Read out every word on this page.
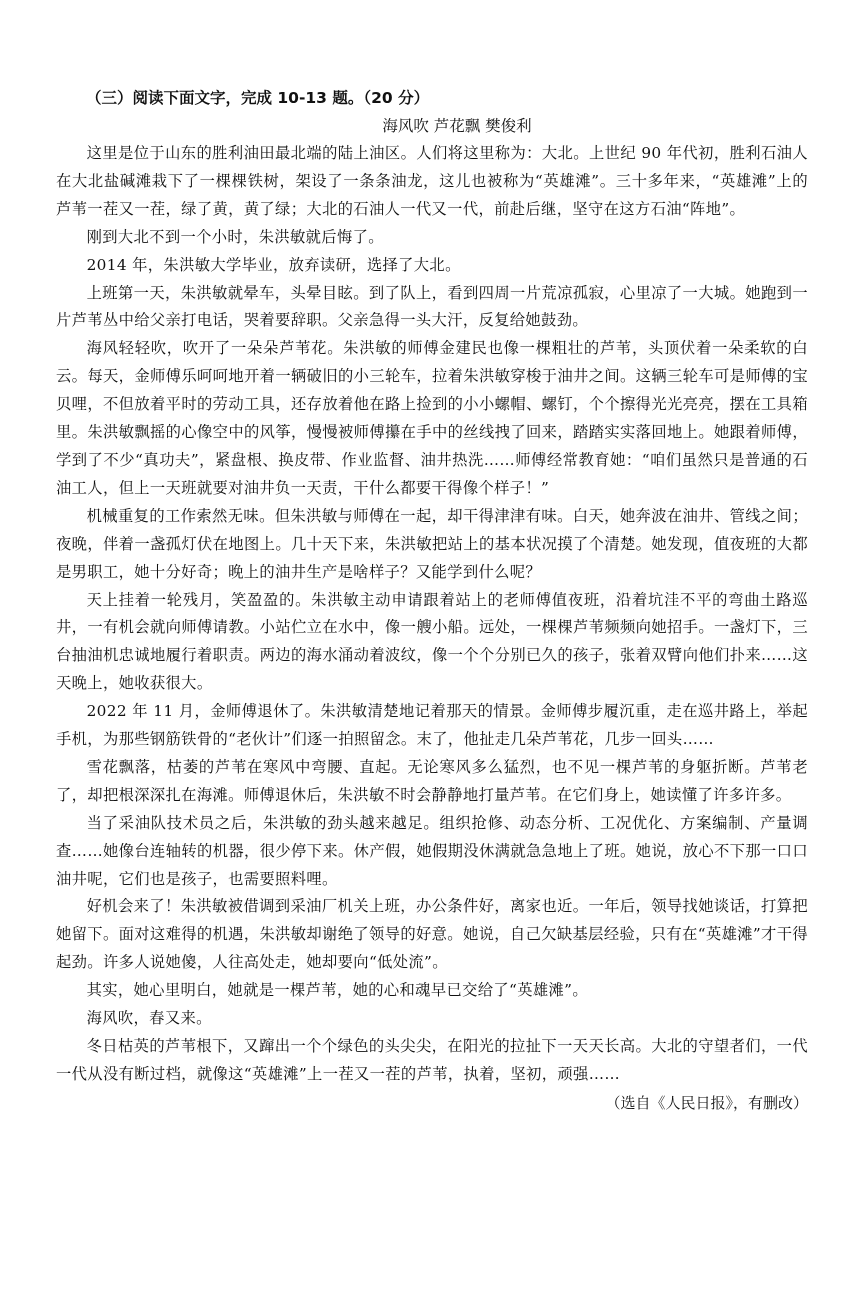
（三）阅读下面文字，完成 10-13 题。（20 分）

海风吹 芦花飘 樊俊利

这里是位于山东的胜利油田最北端的陆上油区。人们将这里称为：大北。上世纪 90 年代初，胜利石油人在大北盐碱滩栽下了一棵棵铁树，架设了一条条油龙，这儿也被称为“英雄滩”。三十多年来，“英雄滩”上的芦苇一茬又一茬，绿了黄，黄了绿；大北的石油人一代又一代，前赴后继，坚守在这方石油“阵地”。

刚到大北不到一个小时，朱洪敏就后悔了。

2014 年，朱洪敏大学毕业，放弃读研，选择了大北。

上班第一天，朱洪敏就晕车，头晕目眩。到了队上，看到四周一片荒凉孤寂，心里凉了一大城。她跑到一片芦苇丛中给父亲打电话，哭着要辞职。父亲急得一头大汗，反复给她鼓劲。

海风轻轻吹，吹开了一朵朵芦苇花。朱洪敏的师傅金建民也像一棵粗壮的芦苇，头顶伏着一朵柔软的白云。每天，金师傅乐呵呵地开着一辆破旧的小三轮车，拉着朱洪敏穿梭于油井之间。这辆三轮车可是师傅的宝贝哩，不但放着平时的劳动工具，还存放着他在路上捡到的小小螺帽、螺钉，个个擦得光光亮亮，摆在工具箱里。朱洪敏飘摇的心像空中的风筝，慢慢被师傅攥在手中的丝线拽了回来，踏踏实实落回地上。她跟着师傅，学到了不少“真功夫”，紧盘根、换皮带、作业监督、油井热洗……师傅经常教育她：“咱们虽然只是普通的石油工人，但上一天班就要对油井负一天责，干什么都要干得像个样子！”

机械重复的工作索然无味。但朱洪敏与师傅在一起，却干得津津有味。白天，她奔波在油井、管线之间；夜晚，伴着一盏孤灯伏在地图上。几十天下来，朱洪敏把站上的基本状况摸了个清楚。她发现，值夜班的大都是男职工，她十分好奇；晚上的油井生产是啥样子？又能学到什么呢？

天上挂着一轮残月，笑盈盈的。朱洪敏主动申请跟着站上的老师傅值夜班，沿着坑洼不平的弯曲土路巡井，一有机会就向师傅请教。小站伫立在水中，像一艘小船。远处，一棵棵芦苇频频向她招手。一盏灯下，三台抽油机忠诚地履行着职责。两边的海水涌动着波纹，像一个个分别已久的孩子，张着双臂向他们扑来……这天晚上，她收获很大。

2022 年 11 月，金师傅退休了。朱洪敏清楚地记着那天的情景。金师傅步履沉重，走在巡井路上，举起手机，为那些钢筋铁骨的“老伙计”们逐一拍照留念。末了，他扯走几朵芦苇花，几步一回头……

雪花飘落，枯萎的芦苇在寒风中弯腰、直起。无论寒风多么猛烈，也不见一棵芦苇的身躯折断。芦苇老了，却把根深深扎在海滩。师傅退休后，朱洪敏不时会静静地打量芦苇。在它们身上，她读懂了许多许多。

当了采油队技术员之后，朱洪敏的劲头越来越足。组织抢修、动态分析、工况优化、方案编制、产量调查……她像台连轴转的机器，很少停下来。休产假，她假期没休满就急急地上了班。她说，放心不下那一口口油井呢，它们也是孩子，也需要照料哩。

好机会来了！朱洪敏被借调到采油厂机关上班，办公条件好，离家也近。一年后，领导找她谈话，打算把她留下。面对这难得的机遇，朱洪敏却谢绝了领导的好意。她说，自己欠缺基层经验，只有在“英雄滩”才干得起劲。许多人说她傻，人往高处走，她却要向“低处流”。

其实，她心里明白，她就是一棵芦苇，她的心和魂早已交给了“英雄滩”。

海风吹，春又来。

冬日枯英的芦苇根下，又蹿出一个个绿色的头尖尖，在阳光的拉扯下一天天长高。大北的守望者们，一代一代从没有断过档，就像这“英雄滩”上一茬又一茬的芦苇，执着，坚初，顽强……

（选自《人民日报》，有删改）
